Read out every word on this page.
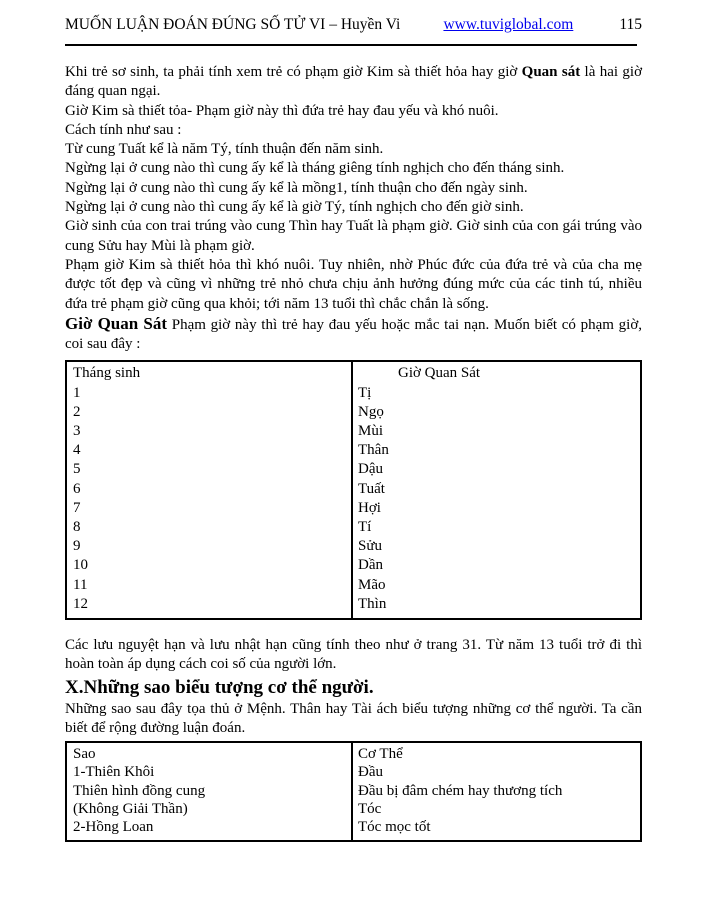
MUỐN LUẬN ĐOÁN ĐÚNG SỐ TỬ VI – Huyền Vi	www.tuviglobal.com	115

Khi trẻ sơ sinh, ta phải tính xem trẻ có phạm giờ Kim sà thiết hỏa hay giờ Quan sát là hai giờ đáng quan ngại.

Giờ Kim sà thiết tỏa- Phạm giờ này thì đứa trẻ hay đau yếu và khó nuôi.

Cách tính như sau :

Từ cung Tuất kể là năm Tý, tính thuận đến năm sinh.

Ngừng lại ở cung nào thì cung ấy kể là tháng giêng tính nghịch cho đến tháng sinh.

Ngừng lại ở cung nào thì cung ấy kể là mồng1, tính thuận cho đến ngày sinh.

Ngừng lại ở cung nào thì cung ấy kể là giờ Tý, tính nghịch cho đến giờ sinh.

Giờ sinh của con trai trúng vào cung Thìn hay Tuất là phạm giờ. Giờ sinh của con gái trúng vào cung Sửu hay Mùi là phạm giờ.

Phạm giờ Kim sà thiết hỏa thì khó nuôi. Tuy nhiên, nhờ Phúc đức của đứa trẻ và của cha mẹ được tốt đẹp và cũng vì những trẻ nhỏ chưa chịu ảnh hưởng đúng mức của các tinh tú, nhiều đứa trẻ phạm giờ cũng qua khỏi; tới năm 13 tuổi thì chắc chắn là sống.

Giờ Quan Sát Phạm giờ này thì trẻ hay đau yếu hoặc mắc tai nạn. Muốn biết có phạm giờ, coi sau đây :

Tháng sinh
1
2
3
4
5
6
7
8
9
10
11
12
Giờ Quan Sát
Tị
Ngọ
Mùi
Thân
Dậu
Tuất
Hợi
Tí
Sửu
Dần
Mão
Thìn

Các lưu nguyệt hạn và lưu nhật hạn cũng tính theo như ở trang 31. Từ năm 13 tuổi trở đi thì hoàn toàn áp dụng cách coi số của người lớn.

X.Những sao biểu tượng cơ thể người.

Những sao sau đây tọa thủ ở Mệnh. Thân hay Tài ách biểu tượng những cơ thể người. Ta cần biết để rộng đường luận đoán.

Sao
1-Thiên Khôi
Thiên hình đồng cung
(Không Giải Thần)
2-Hồng Loan
Cơ Thể
Đầu
Đầu bị đâm chém hay thương tích
Tóc
Tóc mọc tốt
